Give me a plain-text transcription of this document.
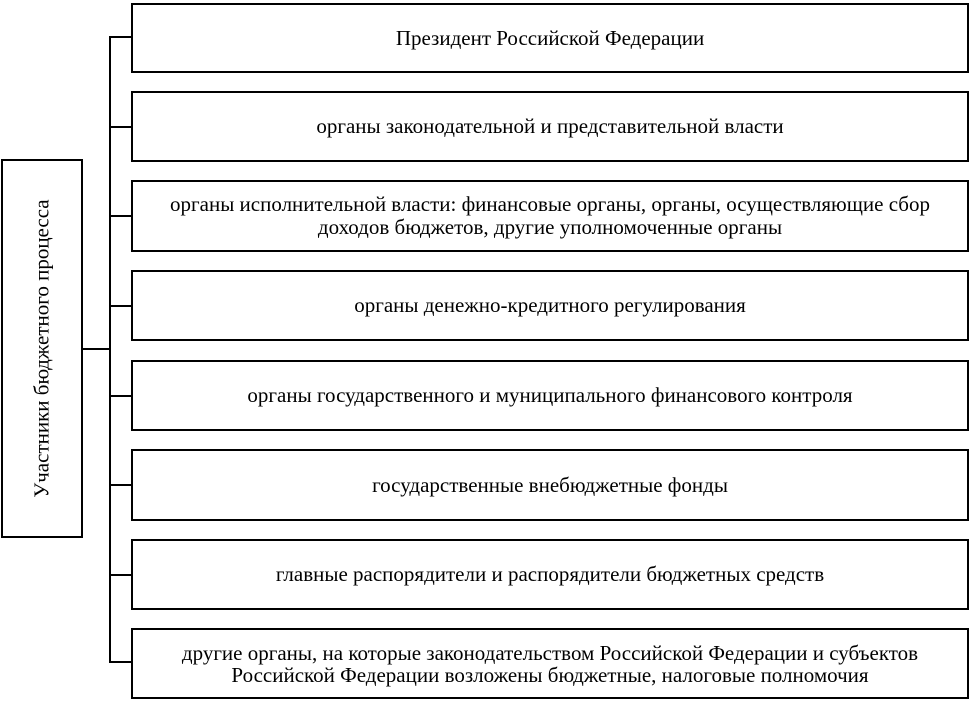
Участники бюджетного процесса
Президент Российской Федерации
органы законодательной и представительной власти
органы исполнительной власти: финансовые органы, органы, осуществляющие сбор доходов бюджетов, другие уполномоченные органы
органы денежно-кредитного регулирования
органы государственного и муниципального финансового контроля
государственные внебюджетные фонды
главные распорядители и распорядители бюджетных средств
другие органы, на которые законодательством Российской Федерации и субъектов Российской Федерации возложены бюджетные, налоговые полномочия
